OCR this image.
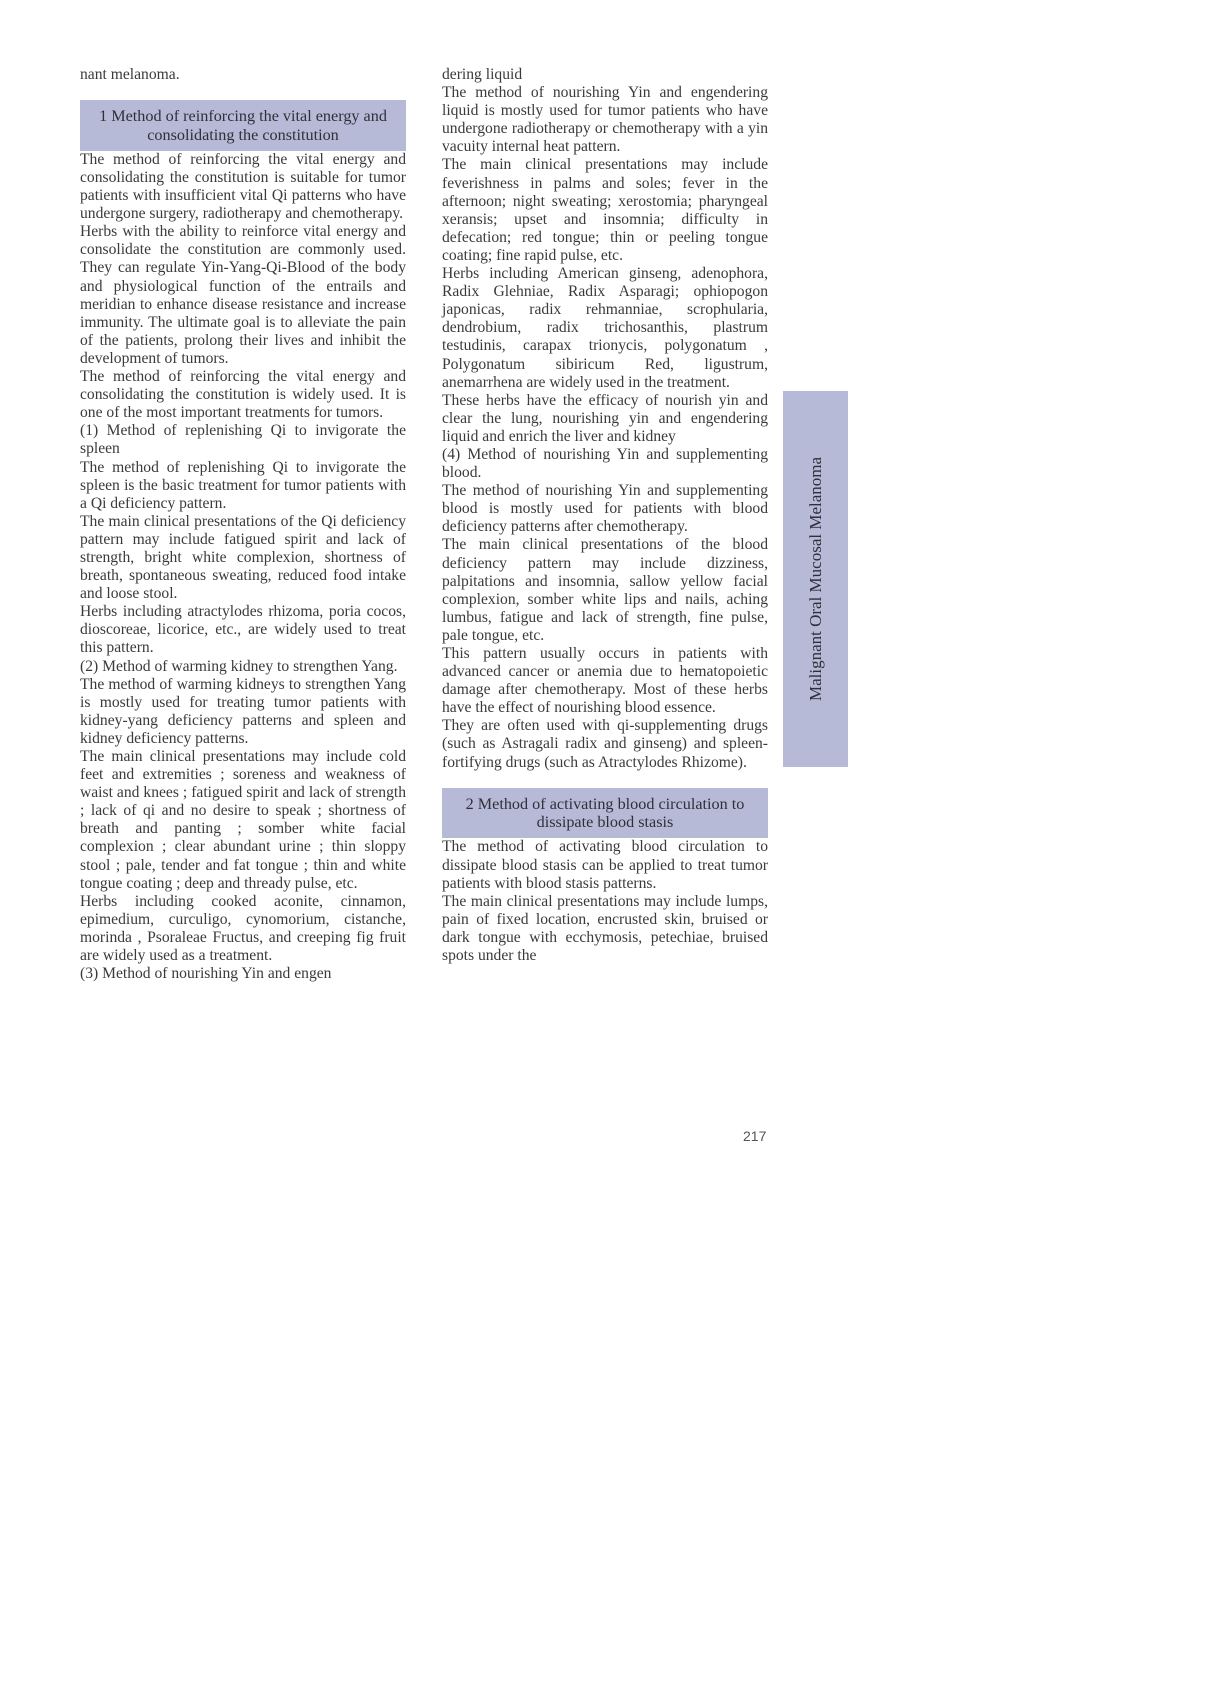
nant melanoma.

1 Method of reinforcing the vital energy and consolidating the constitution

The method of reinforcing the vital energy and consolidating the constitution is suitable for tumor patients with insufficient vital Qi patterns who have undergone surgery, radiotherapy and chemotherapy.

Herbs with the ability to reinforce vital energy and consolidate the constitution are commonly used. They can regulate Yin-Yang-Qi-Blood of the body and physiological function of the entrails and meridian to enhance disease resistance and increase immunity. The ultimate goal is to alleviate the pain of the patients, prolong their lives and inhibit the development of tumors.

The method of reinforcing the vital energy and consolidating the constitution is widely used. It is one of the most important treatments for tumors.

(1) Method of replenishing Qi to invigorate the spleen

The method of replenishing Qi to invigorate the spleen is the basic treatment for tumor patients with a Qi deficiency pattern.

The main clinical presentations of the Qi deficiency pattern may include fatigued spirit and lack of strength, bright white complexion, shortness of breath, spontaneous sweating, reduced food intake and loose stool.

Herbs including atractylodes rhizoma, poria cocos, dioscoreae, licorice, etc., are widely used to treat this pattern.

(2) Method of warming kidney to strengthen Yang.

The method of warming kidneys to strengthen Yang is mostly used for treating tumor patients with kidney-yang deficiency patterns and spleen and kidney deficiency patterns.

The main clinical presentations may include cold feet and extremities ; soreness and weakness of waist and knees ; fatigued spirit and lack of strength ; lack of qi and no desire to speak ; shortness of breath and panting ; somber white facial complexion ; clear abundant urine ; thin sloppy stool ; pale, tender and fat tongue ; thin and white tongue coating ; deep and thready pulse, etc.

Herbs including cooked aconite, cinnamon, epimedium, curculigo, cynomorium, cistanche, morinda , Psoraleae Fructus, and creeping fig fruit are widely used as a treatment.

(3) Method of nourishing Yin and engen

dering liquid

The method of nourishing Yin and engendering liquid is mostly used for tumor patients who have undergone radiotherapy or chemotherapy with a yin vacuity internal heat pattern.

The main clinical presentations may include feverishness in palms and soles; fever in the afternoon; night sweating; xerostomia; pharyngeal xeransis; upset and insomnia; difficulty in defecation; red tongue; thin or peeling tongue coating; fine rapid pulse, etc.

Herbs including American ginseng, adenophora, Radix Glehniae, Radix Asparagi; ophiopogon japonicas, radix rehmanniae, scrophularia, dendrobium, radix trichosanthis, plastrum testudinis, carapax trionycis, polygonatum , Polygonatum sibiricum Red, ligustrum, anemarrhena are widely used in the treatment.

These herbs have the efficacy of nourish yin and clear the lung, nourishing yin and engendering liquid and enrich the liver and kidney

(4) Method of nourishing Yin and supplementing blood.

The method of nourishing Yin and supplementing blood is mostly used for patients with blood deficiency patterns after chemotherapy.

The main clinical presentations of the blood deficiency pattern may include dizziness, palpitations and insomnia, sallow yellow facial complexion, somber white lips and nails, aching lumbus, fatigue and lack of strength, fine pulse, pale tongue, etc.

This pattern usually occurs in patients with advanced cancer or anemia due to hematopoietic damage after chemotherapy. Most of these herbs have the effect of nourishing blood essence.

They are often used with qi-supplementing drugs (such as Astragali radix and ginseng) and spleen-fortifying drugs (such as Atractylodes Rhizome).

2 Method of activating blood circulation to dissipate blood stasis

The method of activating blood circulation to dissipate blood stasis can be applied to treat tumor patients with blood stasis patterns.

The main clinical presentations may include lumps, pain of fixed location, encrusted skin, bruised or dark tongue with ecchymosis, petechiae, bruised spots under the

Malignant Oral Mucosal Melanoma
217
